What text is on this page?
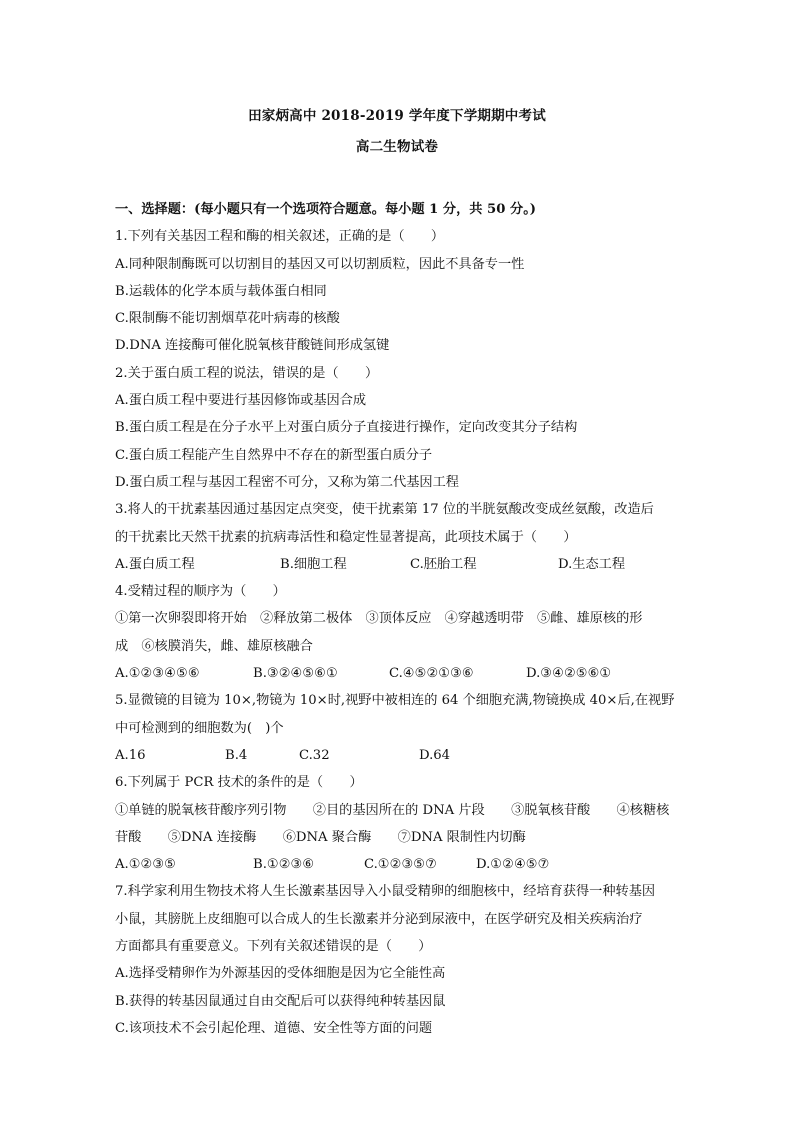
田家炳高中 2018-2019 学年度下学期期中考试
高二生物试卷
一、选择题：(每小题只有一个选项符合题意。每小题 1 分，共 50 分。)
1.下列有关基因工程和酶的相关叙述，正确的是（　　）
A.同种限制酶既可以切割目的基因又可以切割质粒，因此不具备专一性
B.运载体的化学本质与载体蛋白相同
C.限制酶不能切割烟草花叶病毒的核酸
D.DNA 连接酶可催化脱氧核苷酸链间形成氢键
2.关于蛋白质工程的说法，错误的是（　　）
A.蛋白质工程中要进行基因修饰或基因合成
B.蛋白质工程是在分子水平上对蛋白质分子直接进行操作，定向改变其分子结构
C.蛋白质工程能产生自然界中不存在的新型蛋白质分子
D.蛋白质工程与基因工程密不可分，又称为第二代基因工程
3.将人的干扰素基因通过基因定点突变，使干扰素第 17 位的半胱氨酸改变成丝氨酸，改造后
的干扰素比天然干扰素的抗病毒活性和稳定性显著提高，此项技术属于（　　）
A.蛋白质工程	B.细胞工程	C.胚胎工程	D.生态工程
4.受精过程的顺序为（　　）
①第一次卵裂即将开始　②释放第二极体　③顶体反应　④穿越透明带　⑤雌、雄原核的形
成　⑥核膜消失，雌、雄原核融合
A.①②③④⑤⑥	B.③②④⑤⑥①	C.④⑤②①③⑥	D.③④②⑤⑥①
5.显微镜的目镜为 10×,物镜为 10×时,视野中被相连的 64 个细胞充满,物镜换成 40×后,在视野
中可检测到的细胞数为(　)个
A.16	B.4	C.32	D.64
6.下列属于 PCR 技术的条件的是（　　）
①单链的脱氧核苷酸序列引物　　②目的基因所在的 DNA 片段　　③脱氧核苷酸　　④核糖核
苷酸　　⑤DNA 连接酶　　⑥DNA 聚合酶　　⑦DNA 限制性内切酶
A.①②③⑤	B.①②③⑥	C.①②③⑤⑦	D.①②④⑤⑦
7.科学家利用生物技术将人生长激素基因导入小鼠受精卵的细胞核中，经培育获得一种转基因
小鼠，其膀胱上皮细胞可以合成人的生长激素并分泌到尿液中，在医学研究及相关疾病治疗
方面都具有重要意义。下列有关叙述错误的是（　　）
A.选择受精卵作为外源基因的受体细胞是因为它全能性高
B.获得的转基因鼠通过自由交配后可以获得纯种转基因鼠
C.该项技术不会引起伦理、道德、安全性等方面的问题
